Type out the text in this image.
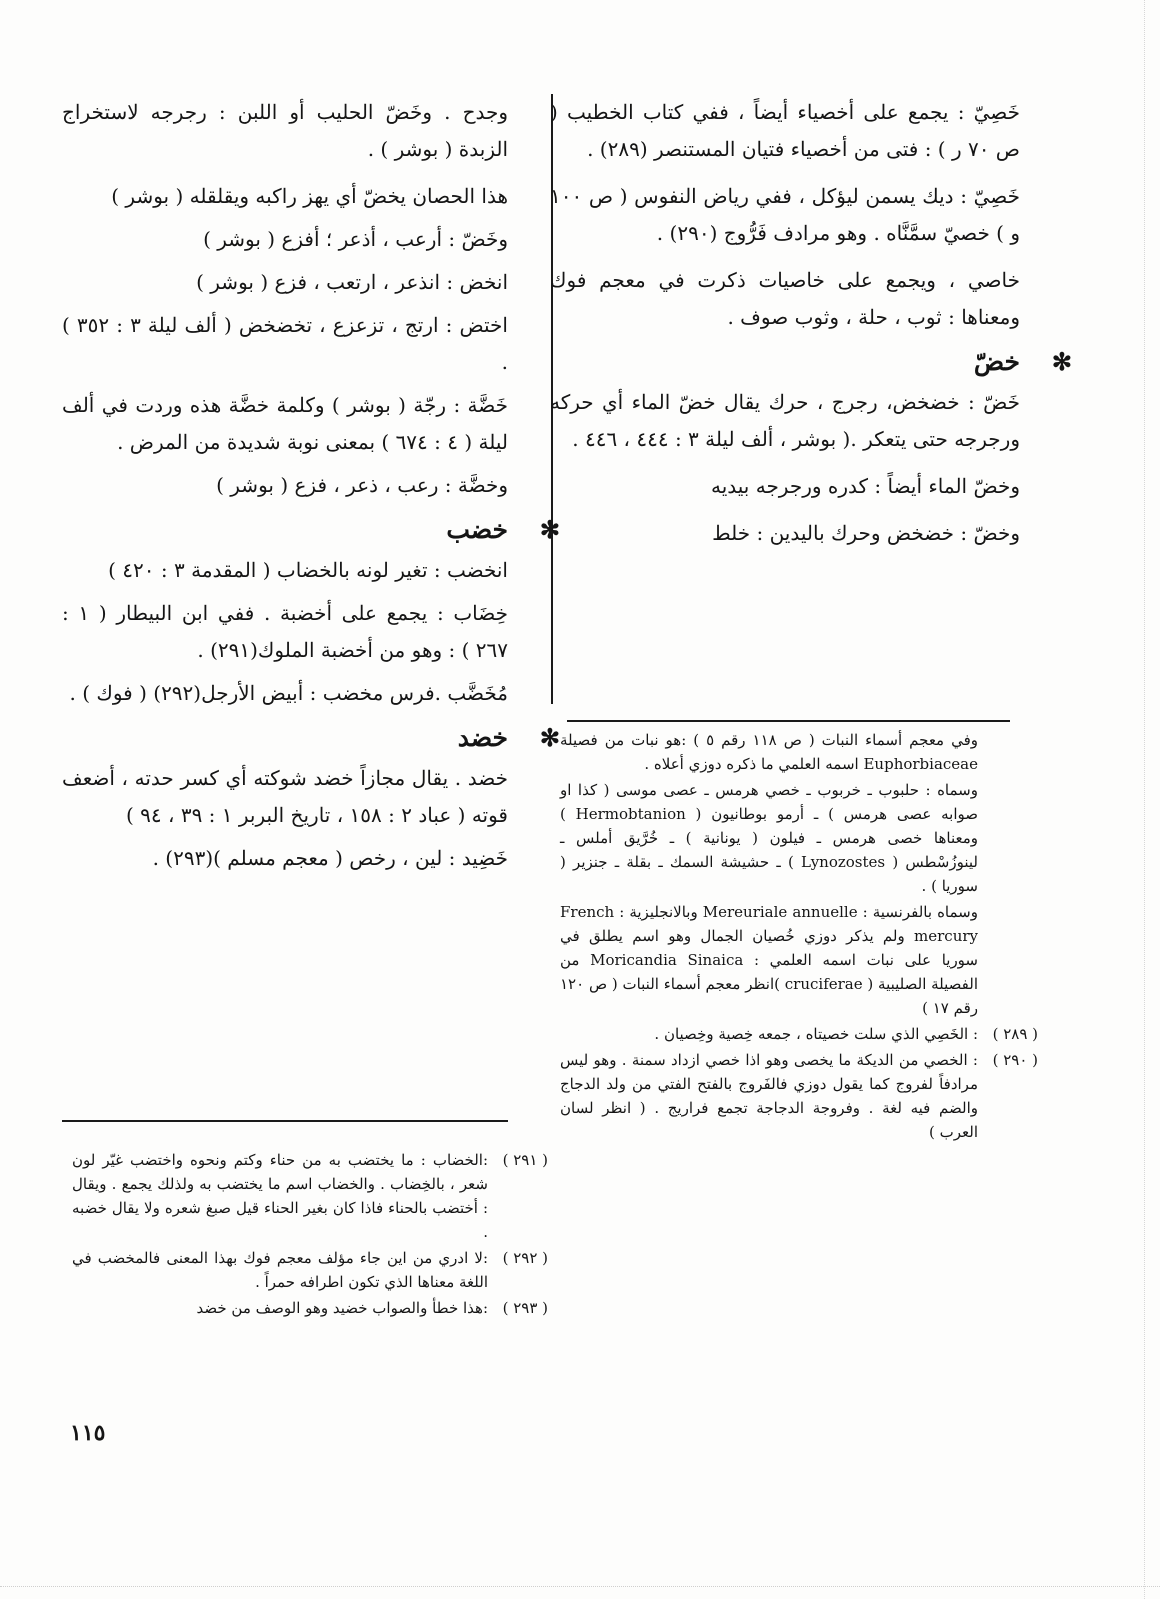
خَصِيّ : يجمع على أخصياء أيضاً ، ففي كتاب الخطيب ( ص ٧٠ ر ) : فتى من أخصياء فتيان المستنصر (٢٨٩) .

خَصِيّ : ديك يسمن ليؤكل ، ففي رياض النفوس ( ص ١٠٠ و ) خصيّ سمَّنَّاه . وهو مرادف فَرُّوج (٢٩٠) .

خاصي ، ويجمع على خاصيات ذكرت في معجم فوك ومعناها : ثوب ، حلة ، وثوب صوف .

✻
خضّ

خَضّ : خضخض، رجرج ، حرك يقال خضّ الماء أي حركه ورجرجه حتى يتعكر .( بوشر ، ألف ليلة ٣ : ٤٤٤ ، ٤٤٦ .

وخضّ الماء أيضاً : كدره ورجرجه بيديه

وخضّ : خضخض وحرك باليدين : خلط

وجدح . وخَضّ الحليب أو اللبن : رجرجه لاستخراج الزبدة ( بوشر ) .

هذا الحصان يخضّ أي يهز راكبه ويقلقله ( بوشر )

وخَضّ : أرعب ، أذعر ؛ أفزع ( بوشر )

انخض : انذعر ، ارتعب ، فزع ( بوشر )

اختض : ارتج ، تزعزع ، تخضخض ( ألف ليلة ٣ : ٣٥٢ ) .

خَضَّة : رجّة ( بوشر ) وكلمة خضَّة هذه وردت في ألف ليلة ( ٤ : ٦٧٤ ) بمعنى نوبة شديدة من المرض .

وخضَّة : رعب ، ذعر ، فزع ( بوشر )

✻
خضب

انخضب : تغير لونه بالخضاب ( المقدمة ٣ : ٤٢٠ )

خِضَاب : يجمع على أخضبة . ففي ابن البيطار ( ١ : ٢٦٧ ) : وهو من أخضبة الملوك(٢٩١) .

مُخَضَّب .فرس مخضب : أبيض الأرجل(٢٩٢) ( فوك ) .

✻
خضد

خضد . يقال مجازاً خضد شوكته أي كسر حدته ، أضعف قوته ( عباد ٢ : ١٥٨ ، تاريخ البربر ١ : ٣٩ ، ٩٤ )

خَضِيد : لين ، رخص ( معجم مسلم )(٢٩٣) .

وفي معجم أسماء النبات ( ص ١١٨ رقم ٥ ) :هو نبات من فصيلة Euphorbiaceae اسمه العلمي ما ذكره دوزي أعلاه .

وسماه : حلبوب ـ خربوب ـ خصي هرمس ـ عصى موسى ( كذا او صوابه عصى هرمس ) ـ أرمو بوطانيون ( Hermobtanion ) ومعناها خصى هرمس ـ فيلون ( يونانية ) ـ خُرَّيق أملس ـ لينوزُسْطس ( Lynozostes ) ـ حشيشة السمك ـ بقلة ـ جنزير ( سوريا ) .

وسماه بالفرنسية : Mereuriale annuelle وبالانجليزية : French mercury ولم يذكر دوزي خُصيان الجمال وهو اسم يطلق في سوريا على نبات اسمه العلمي : Moricandia Sinaica من الفصيلة الصليبية ( cruciferae )انظر معجم أسماء النبات ( ص ١٢٠ رقم ١٧ )

( ٢٨٩ )
: الخَصِي الذي سلت خصيتاه ، جمعه خِصية وخِصيان .
( ٢٩٠ )
: الخصي من الديكة ما يخصى وهو اذا خصي ازداد سمنة . وهو ليس مرادفاً لفروج كما يقول دوزي فالفَروج بالفتح الفتي من ولد الدجاج والضم فيه لغة . وفروجة الدجاجة تجمع فراريج . ( انظر لسان العرب )
( ٢٩١ )
:الخضاب : ما يختضب به من حناء وكتم ونحوه واختضب غيّر لون شعر ، بالخِضاب . والخضاب اسم ما يختضب به ولذلك يجمع . ويقال : أختضب بالحناء فاذا كان بغير الحناء قيل صبغ شعره ولا يقال خضبه .
( ٢٩٢ )
:لا ادري من اين جاء مؤلف معجم فوك بهذا المعنى فالمخضب في اللغة معناها الذي تكون اطرافه حمراً .
( ٢٩٣ )
:هذا خطأ والصواب خضيد وهو الوصف من خضد
١١٥
